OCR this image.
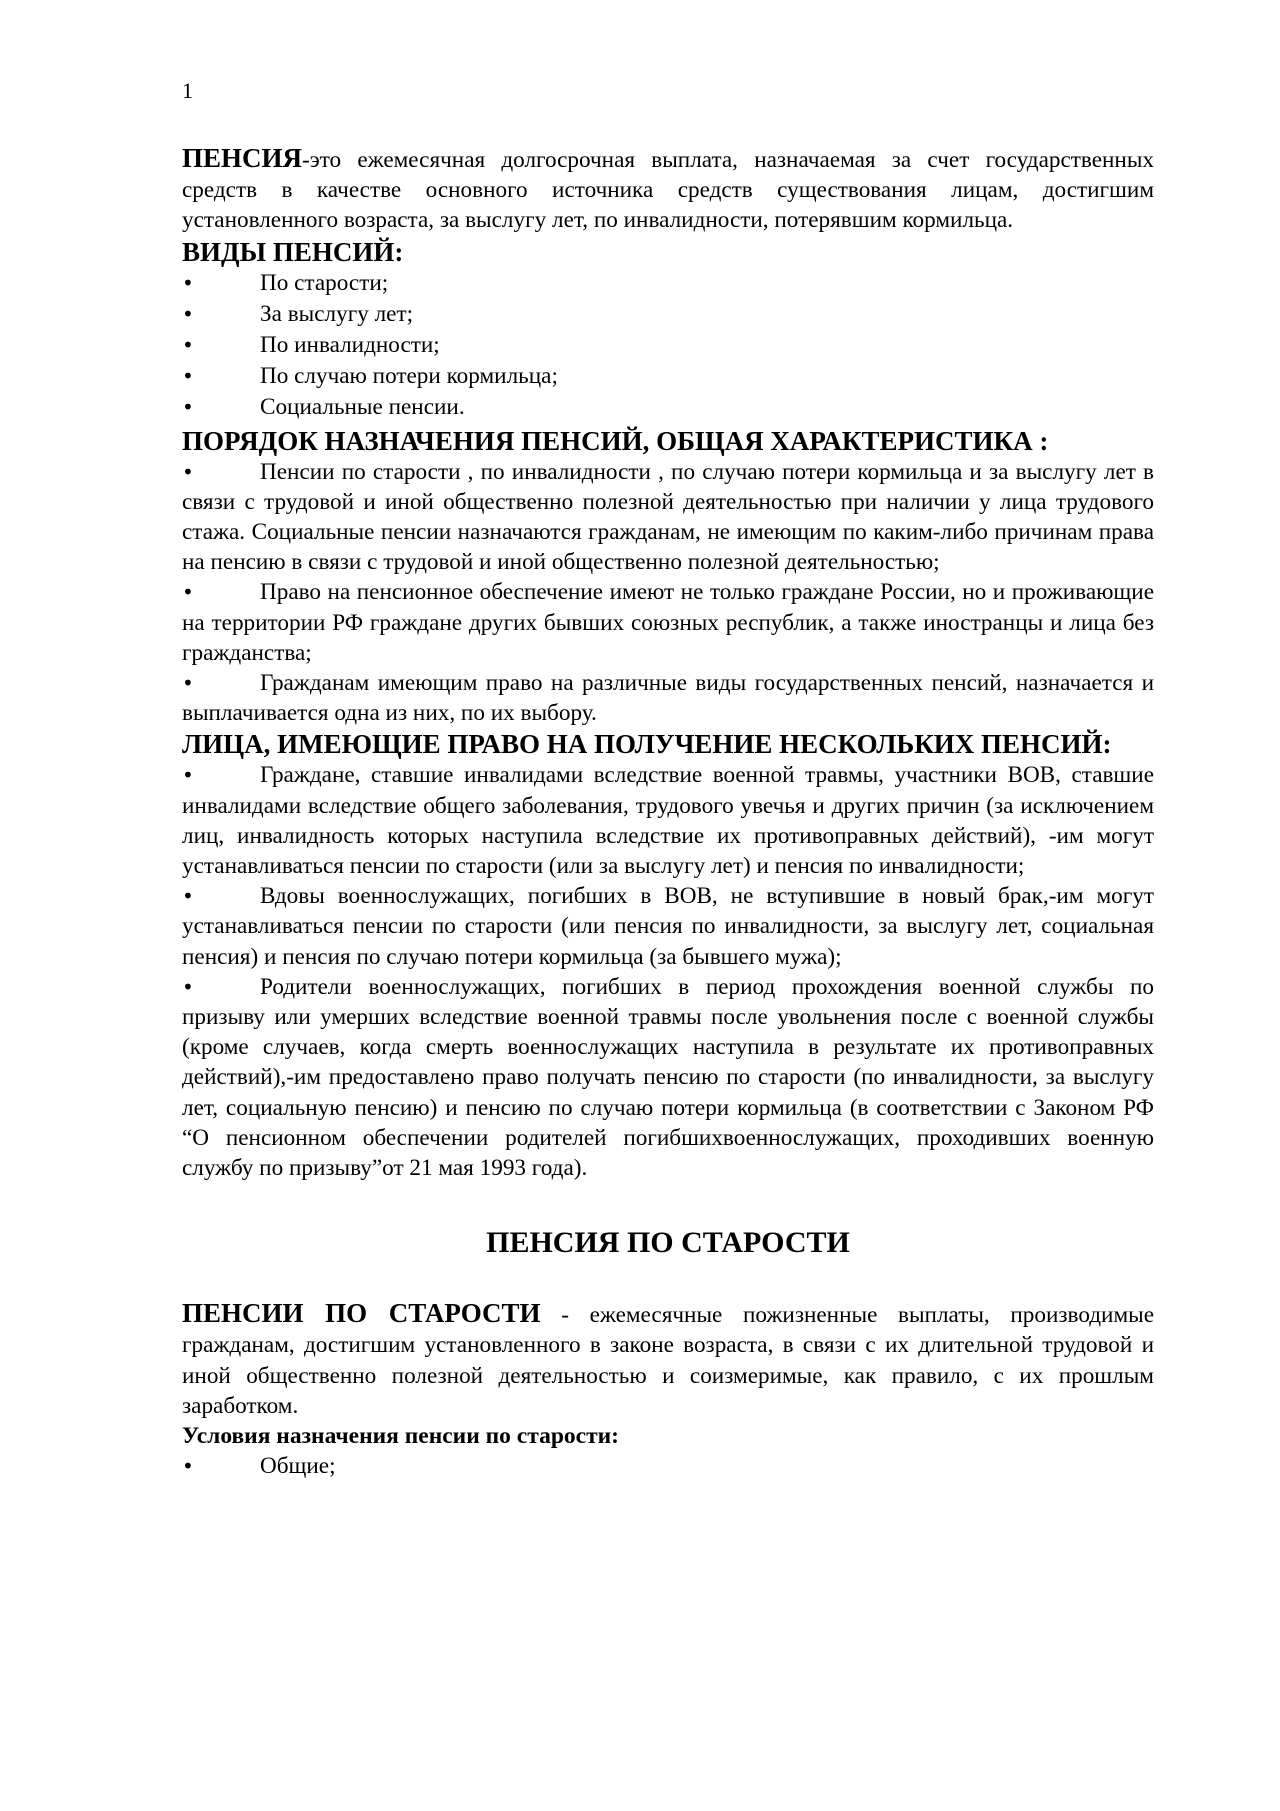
1

ПЕНСИЯ-это ежемесячная долгосрочная выплата, назначаемая за счет государственных средств в качестве основного источника средств существования лицам, достигшим установленного возраста, за выслугу лет, по инвалидности, потерявшим кормильца.

ВИДЫ ПЕНСИЙ:
• По старости;
• За выслугу лет;
• По инвалидности;
• По случаю потери кормильца;
• Социальные пенсии.
ПОРЯДОК НАЗНАЧЕНИЯ ПЕНСИЙ, ОБЩАЯ ХАРАКТЕРИСТИКА :

• Пенсии по старости , по инвалидности , по случаю потери кормильца и за выслугу лет в связи с трудовой и иной общественно полезной деятельностью при наличии у лица трудового стажа. Социальные пенсии назначаются гражданам, не имеющим по каким-либо причинам права на пенсию в связи с трудовой и иной общественно полезной деятельностью;

• Право на пенсионное обеспечение имеют не только граждане России, но и проживающие на территории РФ граждане других бывших союзных республик, а также иностранцы и лица без гражданства;

• Гражданам имеющим право на различные виды государственных пенсий, назначается и выплачивается одна из них, по их выбору.

ЛИЦА, ИМЕЮЩИЕ ПРАВО НА ПОЛУЧЕНИЕ НЕСКОЛЬКИХ ПЕНСИЙ:

• Граждане, ставшие инвалидами вследствие военной травмы, участники ВОВ, ставшие инвалидами вследствие общего заболевания, трудового увечья и других причин (за исключением лиц, инвалидность которых наступила вследствие их противоправных действий), -им могут устанавливаться пенсии по старости (или за выслугу лет) и пенсия по инвалидности;

• Вдовы военнослужащих, погибших в ВОВ, не вступившие в новый брак,-им могут устанавливаться пенсии по старости (или пенсия по инвалидности, за выслугу лет, социальная пенсия) и пенсия по случаю потери кормильца (за бывшего мужа);

• Родители военнослужащих, погибших в период прохождения военной службы по призыву или умерших вследствие военной травмы после увольнения после с военной службы (кроме случаев, когда смерть военнослужащих наступила в результате их противоправных действий),-им предоставлено право получать пенсию по старости (по инвалидности, за выслугу лет, социальную пенсию) и пенсию по случаю потери кормильца (в соответствии с Законом РФ “О пенсионном обеспечении родителей погибшихвоеннослужащих, проходивших военную службу по призыву”от 21 мая 1993 года).

ПЕНСИЯ ПО СТАРОСТИ

ПЕНСИИ ПО СТАРОСТИ - ежемесячные пожизненные выплаты, производимые гражданам, достигшим установленного в законе возраста, в связи с их длительной трудовой и иной общественно полезной деятельностью и соизмеримые, как правило, с их прошлым заработком.

Условия назначения пенсии по старости:
• Общие;
